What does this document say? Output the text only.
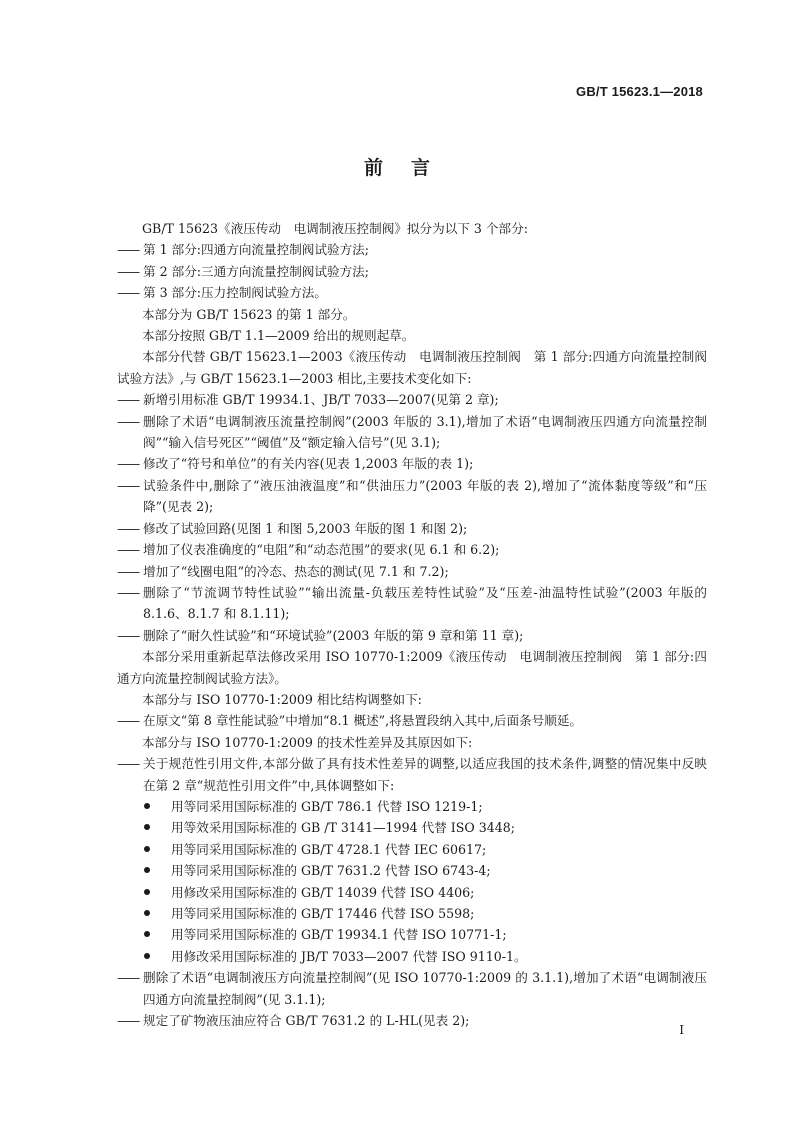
GB/T 15623.1—2018
前言
GB/T 15623《液压传动　电调制液压控制阀》拟分为以下 3 个部分:
—— 第 1 部分:四通方向流量控制阀试验方法;
—— 第 2 部分:三通方向流量控制阀试验方法;
—— 第 3 部分:压力控制阀试验方法。
本部分为 GB/T 15623 的第 1 部分。
本部分按照 GB/T 1.1—2009 给出的规则起草。
本部分代替 GB/T 15623.1—2003《液压传动　电调制液压控制阀　第 1 部分:四通方向流量控制阀试验方法》,与 GB/T 15623.1—2003 相比,主要技术变化如下:
—— 新增引用标准 GB/T 19934.1、JB/T 7033—2007(见第 2 章);
—— 删除了术语“电调制液压流量控制阀”(2003 年版的 3.1),增加了术语“电调制液压四通方向流量控制阀”“输入信号死区”“阈值”及“额定输入信号”(见 3.1);
—— 修改了“符号和单位”的有关内容(见表 1,2003 年版的表 1);
—— 试验条件中,删除了“液压油液温度”和“供油压力”(2003 年版的表 2),增加了“流体黏度等级”和“压降”(见表 2);
—— 修改了试验回路(见图 1 和图 5,2003 年版的图 1 和图 2);
—— 增加了仪表准确度的“电阻”和“动态范围”的要求(见 6.1 和 6.2);
—— 增加了“线圈电阻”的冷态、热态的测试(见 7.1 和 7.2);
—— 删除了“节流调节特性试验”“输出流量-负载压差特性试验”及“压差-油温特性试验”(2003 年版的 8.1.6、8.1.7 和 8.1.11);
—— 删除了“耐久性试验”和“环境试验”(2003 年版的第 9 章和第 11 章);
本部分采用重新起草法修改采用 ISO 10770-1:2009《液压传动　电调制液压控制阀　第 1 部分:四通方向流量控制阀试验方法》。
本部分与 ISO 10770-1:2009 相比结构调整如下:
—— 在原文“第 8 章性能试验”中增加“8.1 概述”,将悬置段纳入其中,后面条号顺延。
本部分与 ISO 10770-1:2009 的技术性差异及其原因如下:
—— 关于规范性引用文件,本部分做了具有技术性差异的调整,以适应我国的技术条件,调整的情况集中反映在第 2 章“规范性引用文件”中,具体调整如下:
用等同采用国际标准的 GB/T 786.1 代替 ISO 1219-1;
用等效采用国际标准的 GB /T 3141—1994 代替 ISO 3448;
用等同采用国际标准的 GB/T 4728.1 代替 IEC 60617;
用等同采用国际标准的 GB/T 7631.2 代替 ISO 6743-4;
用修改采用国际标准的 GB/T 14039 代替 ISO 4406;
用等同采用国际标准的 GB/T 17446 代替 ISO 5598;
用等同采用国际标准的 GB/T 19934.1 代替 ISO 10771-1;
用修改采用国际标准的 JB/T 7033—2007 代替 ISO 9110-1。
—— 删除了术语“电调制液压方向流量控制阀”(见 ISO 10770-1:2009 的 3.1.1),增加了术语“电调制液压四通方向流量控制阀”(见 3.1.1);
—— 规定了矿物液压油应符合 GB/T 7631.2 的 L-HL(见表 2);
I
